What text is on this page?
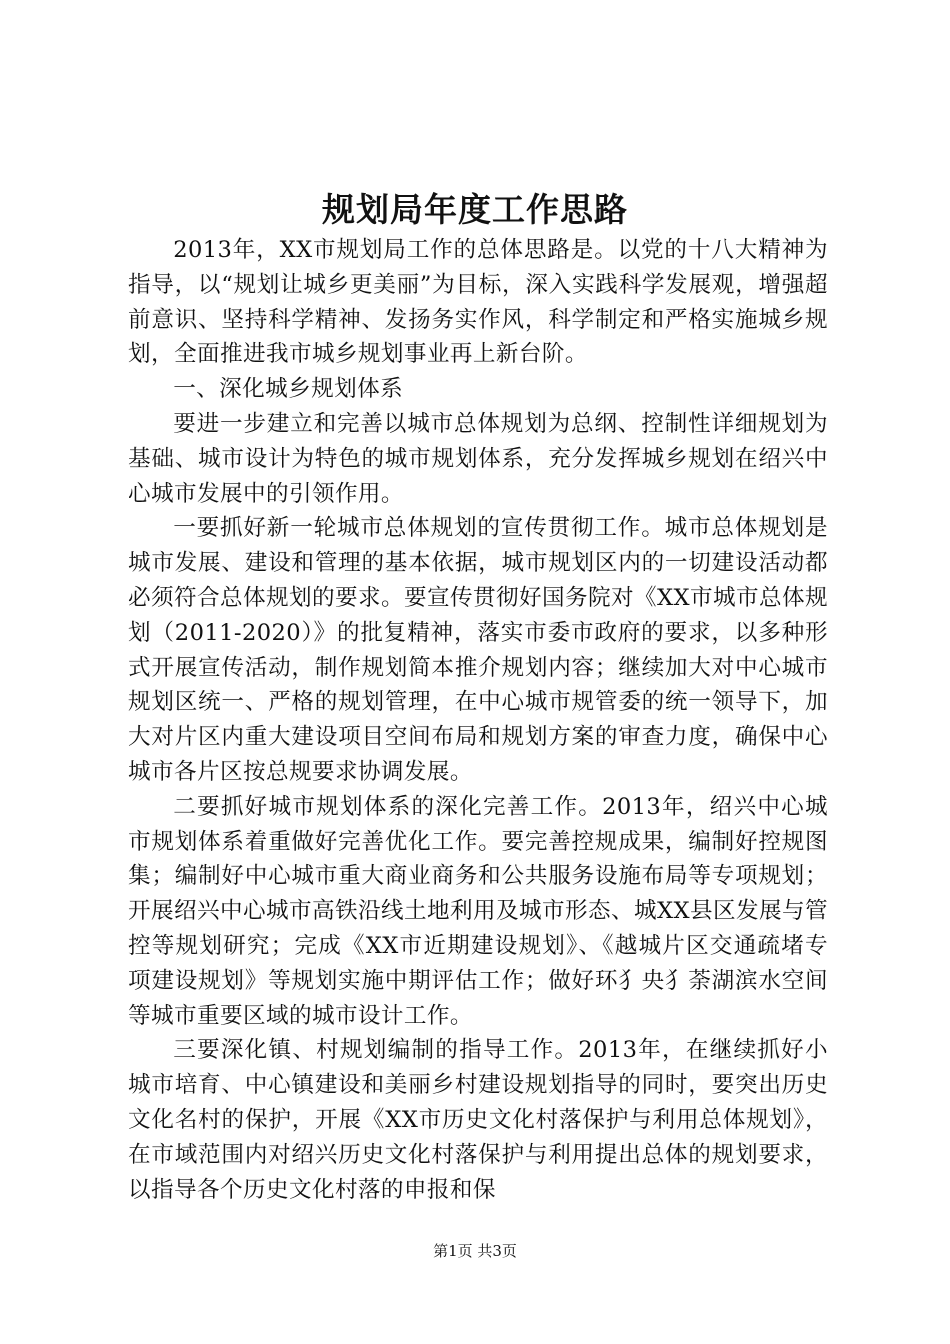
规划局年度工作思路

2013年，XX市规划局工作的总体思路是。以党的十八大精神为指导，以“规划让城乡更美丽”为目标，深入实践科学发展观，增强超前意识、坚持科学精神、发扬务实作风，科学制定和严格实施城乡规划，全面推进我市城乡规划事业再上新台阶。

一、深化城乡规划体系

要进一步建立和完善以城市总体规划为总纲、控制性详细规划为基础、城市设计为特色的城市规划体系，充分发挥城乡规划在绍兴中心城市发展中的引领作用。

一要抓好新一轮城市总体规划的宣传贯彻工作。城市总体规划是城市发展、建设和管理的基本依据，城市规划区内的一切建设活动都必须符合总体规划的要求。要宣传贯彻好国务院对《XX市城市总体规划（2011-2020）》的批复精神，落实市委市政府的要求，以多种形式开展宣传活动，制作规划简本推介规划内容；继续加大对中心城市规划区统一、严格的规划管理，在中心城市规管委的统一领导下，加大对片区内重大建设项目空间布局和规划方案的审查力度，确保中心城市各片区按总规要求协调发展。

二要抓好城市规划体系的深化完善工作。2013年，绍兴中心城市规划体系着重做好完善优化工作。要完善控规成果，编制好控规图集；编制好中心城市重大商业商务和公共服务设施布局等专项规划；开展绍兴中心城市高铁沿线土地利用及城市形态、城XX县区发展与管控等规划研究；完成《XX市近期建设规划》、《越城片区交通疏堵专项建设规划》等规划实施中期评估工作；做好环犭央犭荼湖滨水空间等城市重要区域的城市设计工作。

三要深化镇、村规划编制的指导工作。2013年，在继续抓好小城市培育、中心镇建设和美丽乡村建设规划指导的同时，要突出历史文化名村的保护，开展《XX市历史文化村落保护与利用总体规划》，在市域范围内对绍兴历史文化村落保护与利用提出总体的规划要求，以指导各个历史文化村落的申报和保

第1页 共3页
